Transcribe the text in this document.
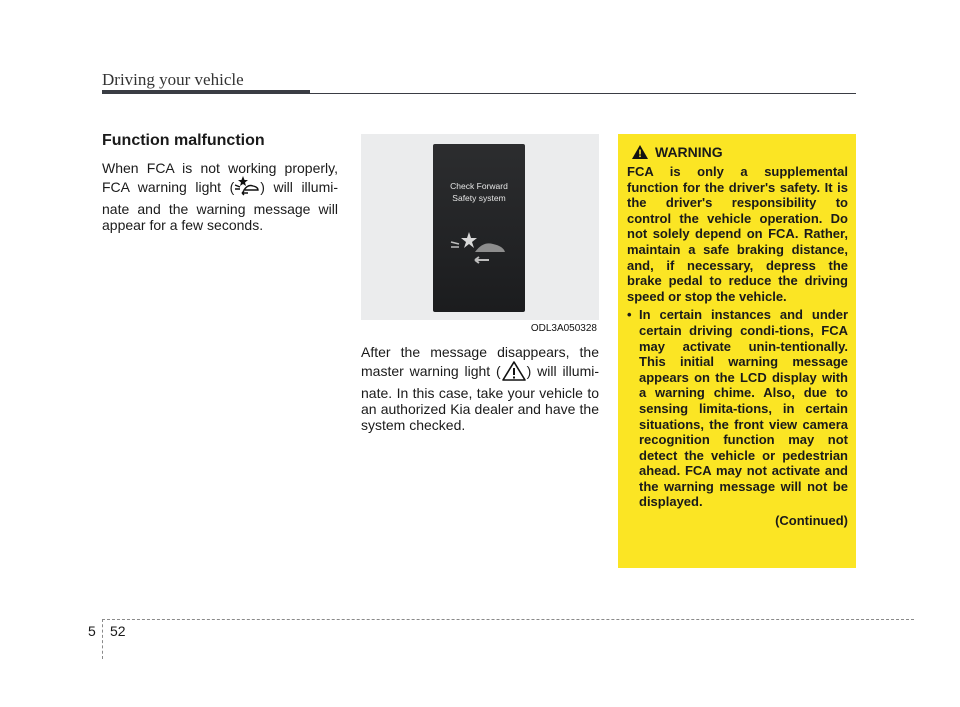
Driving your vehicle
Function malfunction

When FCA is not working properly, FCA warning light ( ) will illumi-nate and the warning message will appear for a few seconds.

Check Forward
Safety system
ODL3A050328

After the message disappears, the master warning light ( ) will illumi-nate. In this case, take your vehicle to an authorized Kia dealer and have the system checked.

WARNING

FCA is only a supplemental function for the driver's safety. It is the driver's responsibility to control the vehicle operation. Do not solely depend on FCA. Rather, maintain a safe braking distance, and, if necessary, depress the brake pedal to reduce the driving speed or stop the vehicle.

• In certain instances and under certain driving condi-tions, FCA may activate unin-tentionally. This initial warning message appears on the LCD display with a warning chime. Also, due to sensing limita-tions, in certain situations, the front view camera recognition function may not detect the vehicle or pedestrian ahead. FCA may not activate and the warning message will not be displayed.

(Continued)
5 52
